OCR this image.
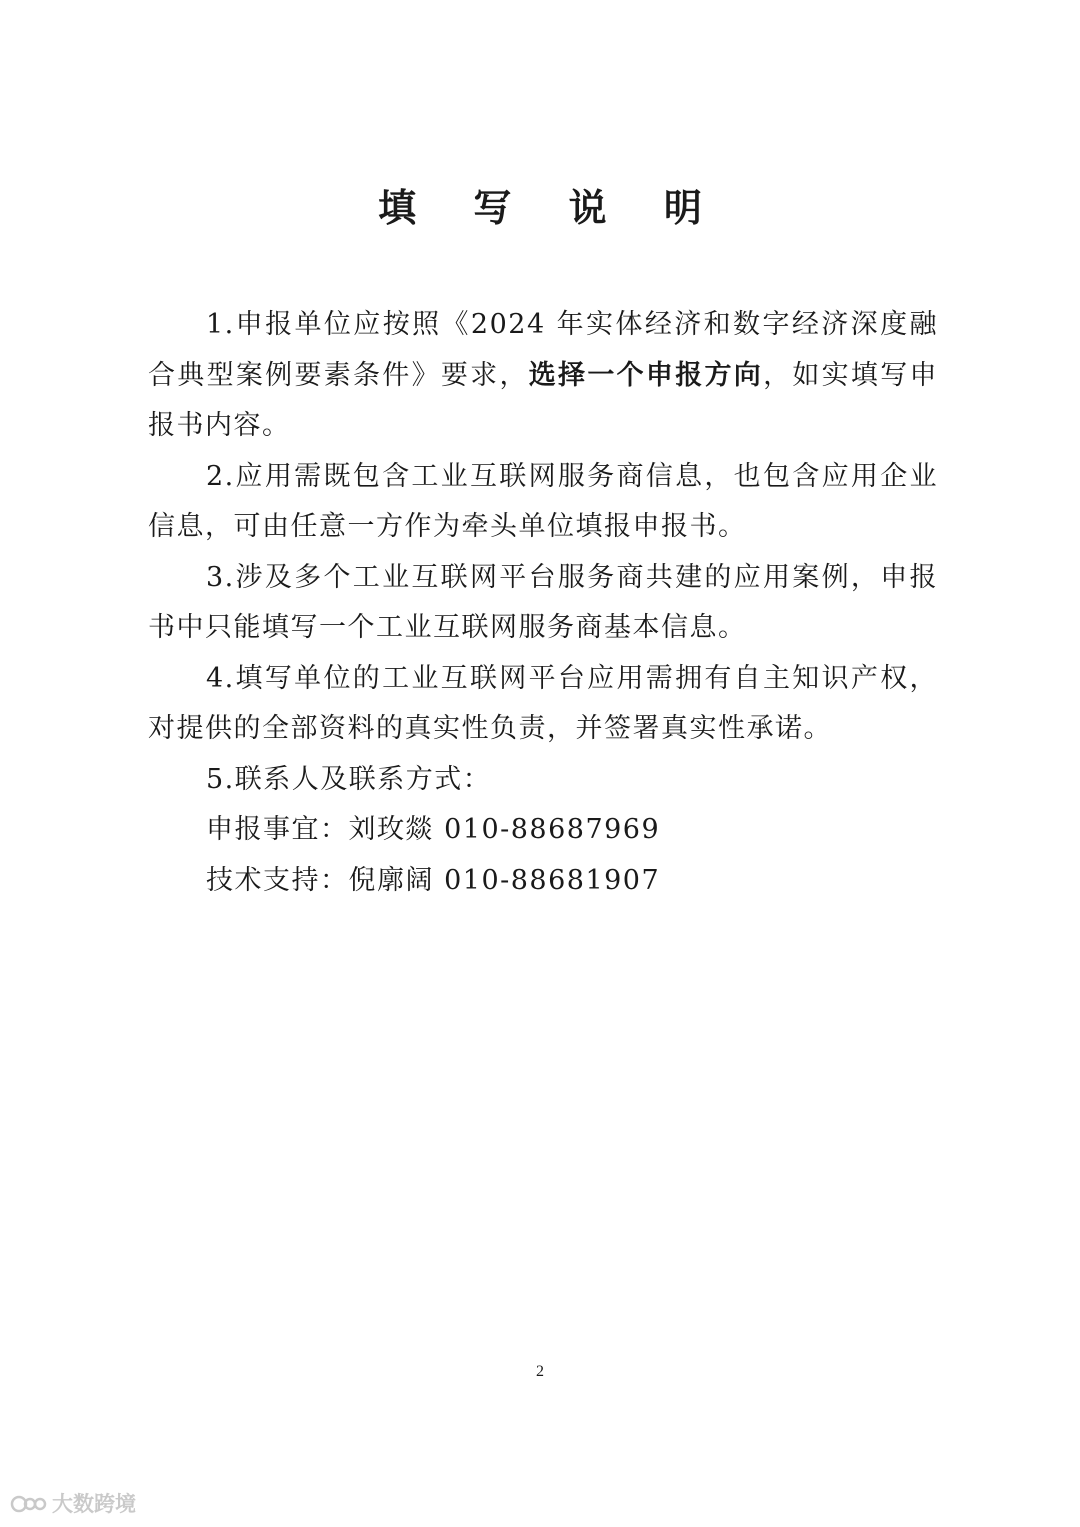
填 写 说 明

1.申报单位应按照《2024 年实体经济和数字经济深度融合典型案例要素条件》要求，选择一个申报方向，如实填写申报书内容。

2.应用需既包含工业互联网服务商信息，也包含应用企业信息，可由任意一方作为牵头单位填报申报书。

3.涉及多个工业互联网平台服务商共建的应用案例，申报书中只能填写一个工业互联网服务商基本信息。

4.填写单位的工业互联网平台应用需拥有自主知识产权，对提供的全部资料的真实性负责，并签署真实性承诺。

5.联系人及联系方式：

申报事宜：刘玫燚 010-88687969

技术支持：倪廓阔 010-88681907

2
大数跨境
